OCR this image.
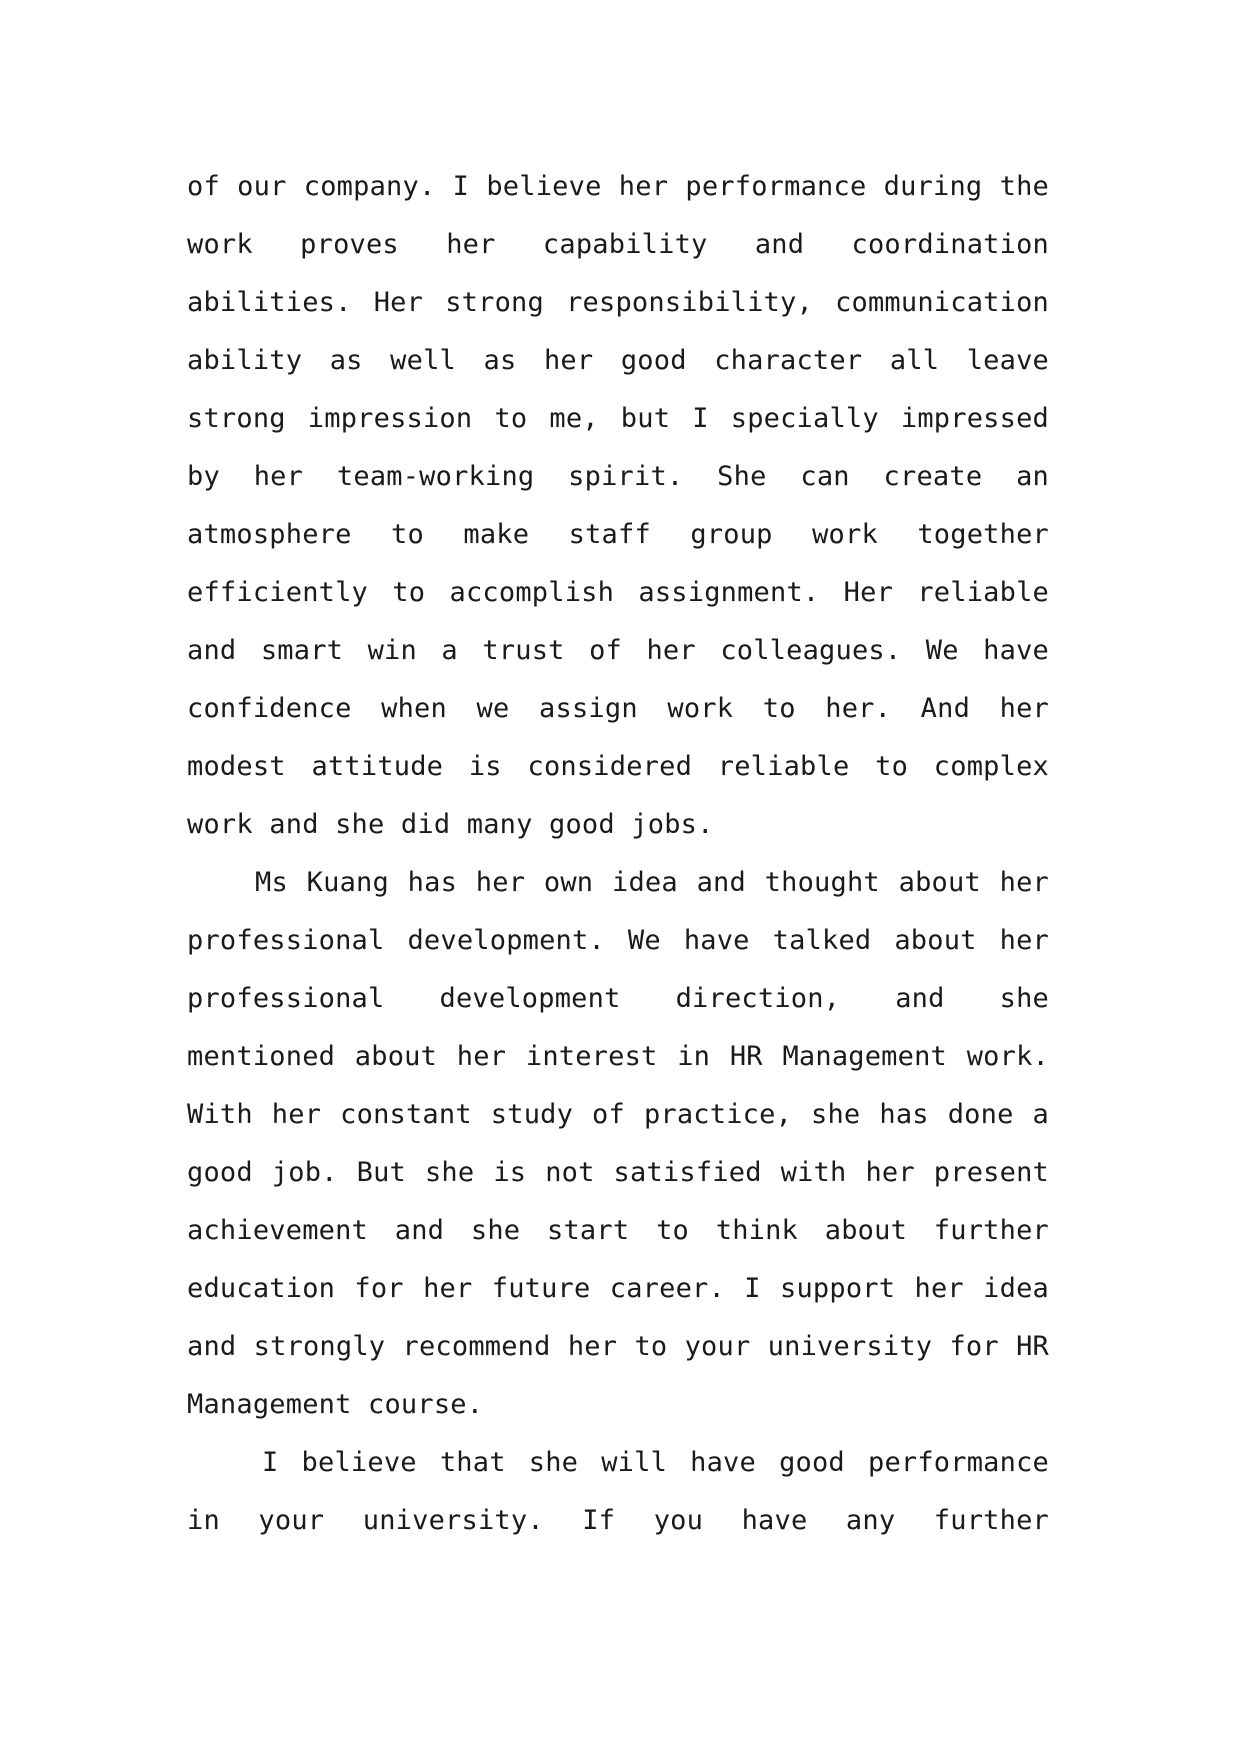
of our company. I believe her performance during the work proves her capability and coordination abilities. Her strong responsibility, communication ability as well as her good character all leave strong impression to me, but I specially impressed by her team-working spirit. She can create an atmosphere to make staff group work together efficiently to accomplish assignment. Her reliable and smart win a trust of her colleagues. We have confidence when we assign work to her. And her modest attitude is considered reliable to complex work and she did many good jobs.

Ms Kuang has her own idea and thought about her professional development. We have talked about her professional development direction, and she mentioned about her interest in HR Management work. With her constant study of practice, she has done a good job. But she is not satisfied with her present achievement and she start to think about further education for her future career. I support her idea and strongly recommend her to your university for HR Management course.

I believe that she will have good performance in your university. If you have any further
